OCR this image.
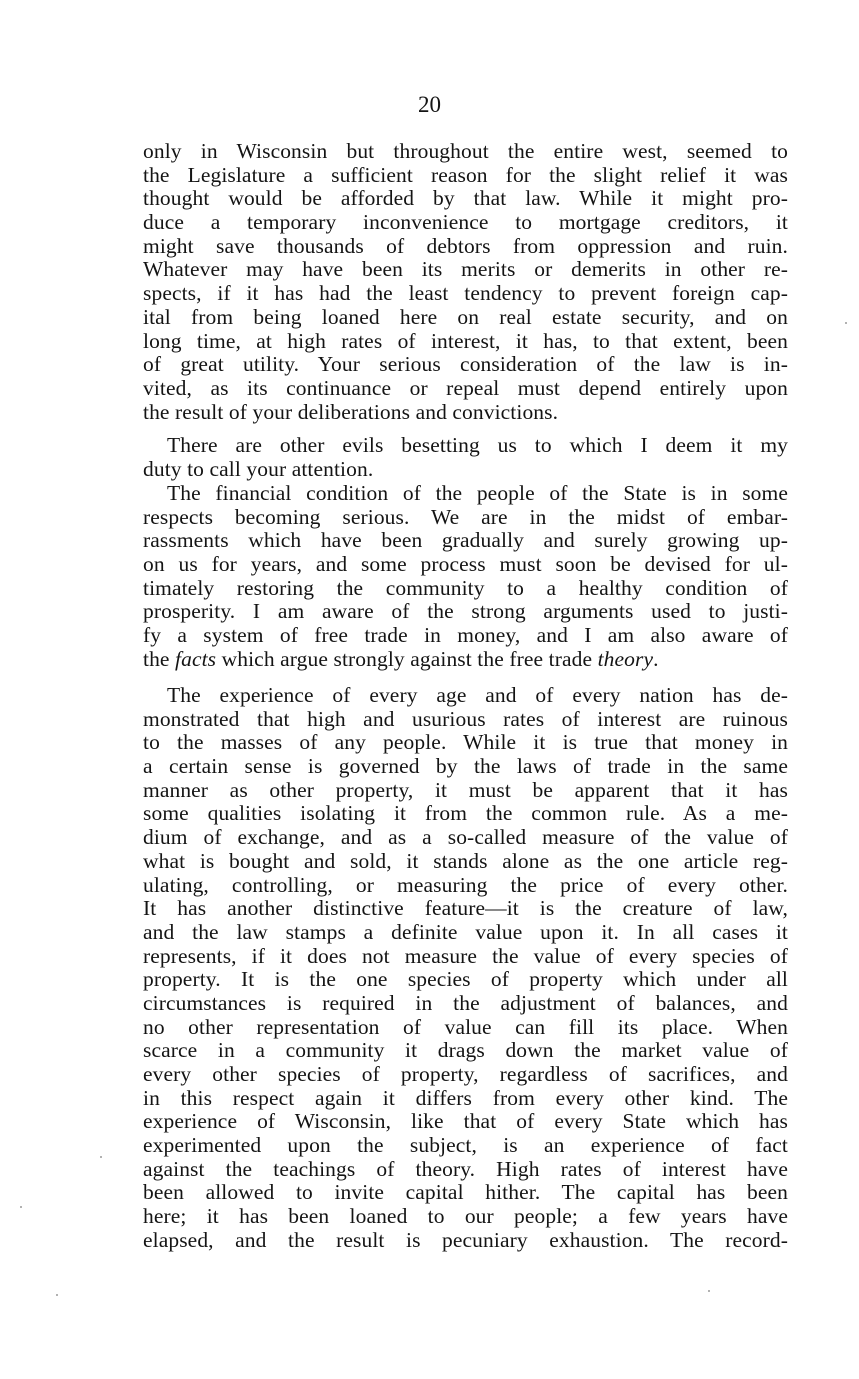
20
only in Wisconsin but throughout the entire west, seemed to
the Legislature a sufficient reason for the slight relief it was
thought would be afforded by that law. While it might pro-
duce a temporary inconvenience to mortgage creditors, it
might save thousands of debtors from oppression and ruin.
Whatever may have been its merits or demerits in other re-
spects, if it has had the least tendency to prevent foreign cap-
ital from being loaned here on real estate security, and on
long time, at high rates of interest, it has, to that extent, been
of great utility. Your serious consideration of the law is in-
vited, as its continuance or repeal must depend entirely upon
the result of your deliberations and convictions.
There are other evils besetting us to which I deem it my
duty to call your attention.
The financial condition of the people of the State is in some
respects becoming serious. We are in the midst of embar-
rassments which have been gradually and surely growing up-
on us for years, and some process must soon be devised for ul-
timately restoring the community to a healthy condition of
prosperity. I am aware of the strong arguments used to justi-
fy a system of free trade in money, and I am also aware of
the facts which argue strongly against the free trade theory.
The experience of every age and of every nation has de-
monstrated that high and usurious rates of interest are ruinous
to the masses of any people. While it is true that money in
a certain sense is governed by the laws of trade in the same
manner as other property, it must be apparent that it has
some qualities isolating it from the common rule. As a me-
dium of exchange, and as a so-called measure of the value of
what is bought and sold, it stands alone as the one article reg-
ulating, controlling, or measuring the price of every other.
It has another distinctive feature—it is the creature of law,
and the law stamps a definite value upon it. In all cases it
represents, if it does not measure the value of every species of
property. It is the one species of property which under all
circumstances is required in the adjustment of balances, and
no other representation of value can fill its place. When
scarce in a community it drags down the market value of
every other species of property, regardless of sacrifices, and
in this respect again it differs from every other kind. The
experience of Wisconsin, like that of every State which has
experimented upon the subject, is an experience of fact
against the teachings of theory. High rates of interest have
been allowed to invite capital hither. The capital has been
here; it has been loaned to our people; a few years have
elapsed, and the result is pecuniary exhaustion. The record-
